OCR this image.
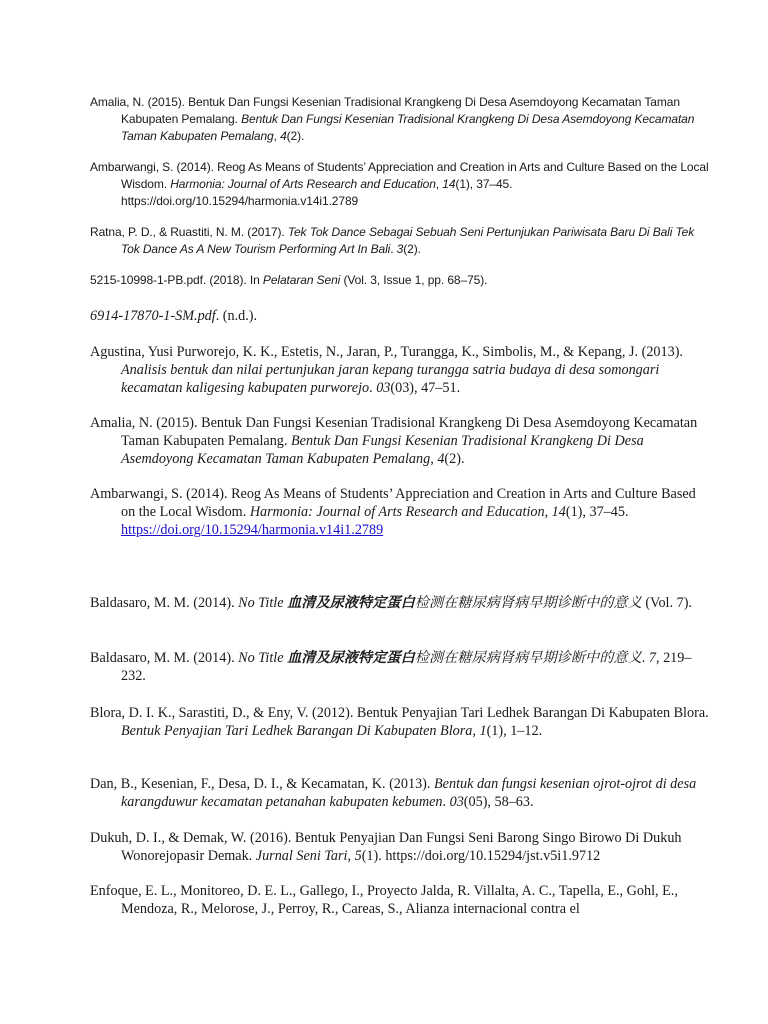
Amalia, N. (2015). Bentuk Dan Fungsi Kesenian Tradisional Krangkeng Di Desa Asemdoyong Kecamatan Taman Kabupaten Pemalang. Bentuk Dan Fungsi Kesenian Tradisional Krangkeng Di Desa Asemdoyong Kecamatan Taman Kabupaten Pemalang, 4(2).

Ambarwangi, S. (2014). Reog As Means of Students’ Appreciation and Creation in Arts and Culture Based on the Local Wisdom. Harmonia: Journal of Arts Research and Education, 14(1), 37–45. https://doi.org/10.15294/harmonia.v14i1.2789

Ratna, P. D., & Ruastiti, N. M. (2017). Tek Tok Dance Sebagai Sebuah Seni Pertunjukan Pariwisata Baru Di Bali Tek Tok Dance As A New Tourism Performing Art In Bali. 3(2).

5215-10998-1-PB.pdf. (2018). In Pelataran Seni (Vol. 3, Issue 1, pp. 68–75).

6914-17870-1-SM.pdf. (n.d.).

Agustina, Yusi Purworejo, K. K., Estetis, N., Jaran, P., Turangga, K., Simbolis, M., & Kepang, J. (2013). Analisis bentuk dan nilai pertunjukan jaran kepang turangga satria budaya di desa somongari kecamatan kaligesing kabupaten purworejo. 03(03), 47–51.

Amalia, N. (2015). Bentuk Dan Fungsi Kesenian Tradisional Krangkeng Di Desa Asemdoyong Kecamatan Taman Kabupaten Pemalang. Bentuk Dan Fungsi Kesenian Tradisional Krangkeng Di Desa Asemdoyong Kecamatan Taman Kabupaten Pemalang, 4(2).

Ambarwangi, S. (2014). Reog As Means of Students’ Appreciation and Creation in Arts and Culture Based on the Local Wisdom. Harmonia: Journal of Arts Research and Education, 14(1), 37–45. https://doi.org/10.15294/harmonia.v14i1.2789

Baldasaro, M. M. (2014). No Title 血清及尿液特定蛋白检测在糖尿病肾病早期诊断中的意义 (Vol. 7).

Baldasaro, M. M. (2014). No Title 血清及尿液特定蛋白检测在糖尿病肾病早期诊断中的意义. 7, 219–232.

Blora, D. I. K., Sarastiti, D., & Eny, V. (2012). Bentuk Penyajian Tari Ledhek Barangan Di Kabupaten Blora. Bentuk Penyajian Tari Ledhek Barangan Di Kabupaten Blora, 1(1), 1–12.

Dan, B., Kesenian, F., Desa, D. I., & Kecamatan, K. (2013). Bentuk dan fungsi kesenian ojrot-ojrot di desa karangduwur kecamatan petanahan kabupaten kebumen. 03(05), 58–63.

Dukuh, D. I., & Demak, W. (2016). Bentuk Penyajian Dan Fungsi Seni Barong Singo Birowo Di Dukuh Wonorejopasir Demak. Jurnal Seni Tari, 5(1). https://doi.org/10.15294/jst.v5i1.9712

Enfoque, E. L., Monitoreo, D. E. L., Gallego, I., Proyecto Jalda, R. Villalta, A. C., Tapella, E., Gohl, E., Mendoza, R., Melorose, J., Perroy, R., Careas, S., Alianza internacional contra el
